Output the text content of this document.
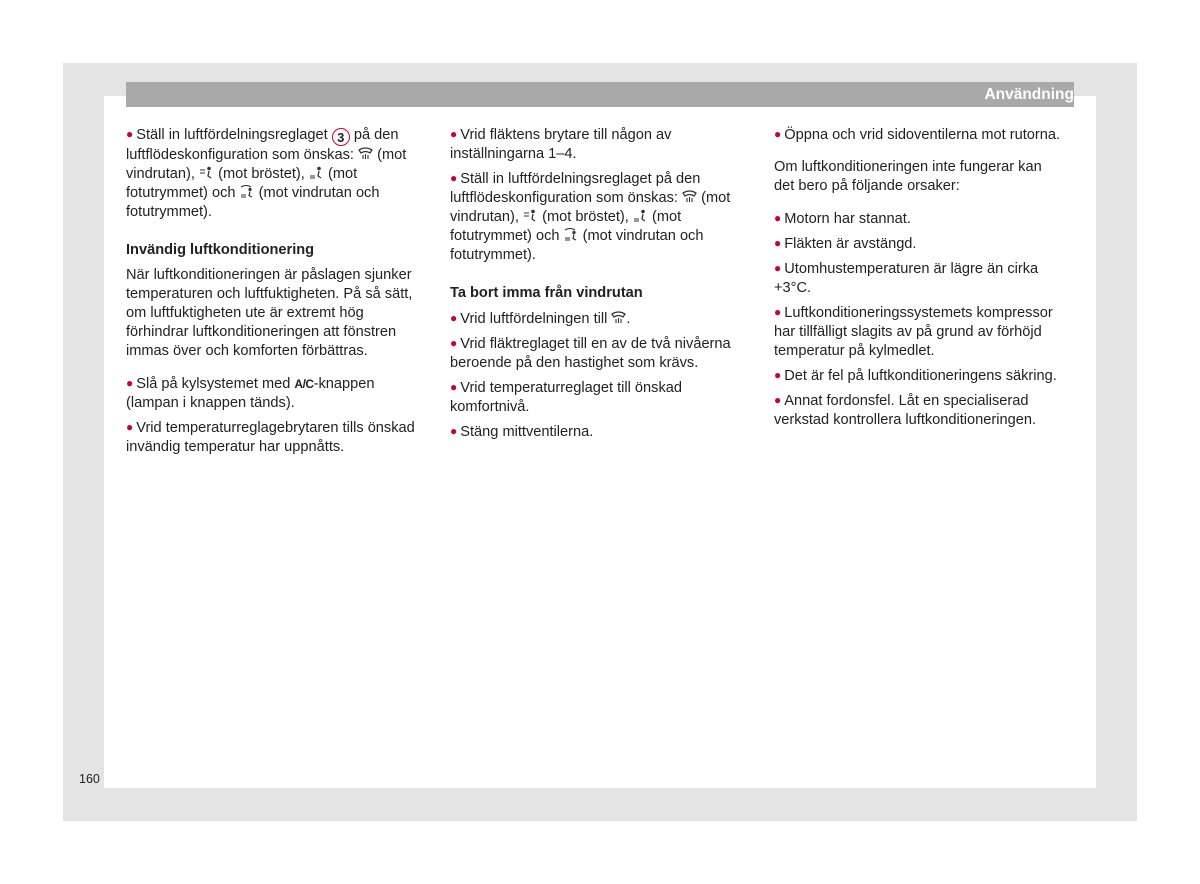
Användning

● Ställ in luftfördelningsreglaget 3 på den luftflödeskonfiguration som önskas: (mot vindrutan), (mot bröstet), (mot fotutrymmet) och (mot vindrutan och fotutrymmet).

Invändig luftkonditionering

När luftkonditioneringen är påslagen sjunker temperaturen och luftfuktigheten. På så sätt, om luftfuktigheten ute är extremt hög förhindrar luftkonditioneringen att fönstren immas över och komforten förbättras.

● Slå på kylsystemet med A/C-knappen (lampan i knappen tänds).

● Vrid temperaturreglagebrytaren tills önskad invändig temperatur har uppnåtts.

● Vrid fläktens brytare till någon av inställningarna 1–4.

● Ställ in luftfördelningsreglaget på den luftflödeskonfiguration som önskas: (mot vindrutan), (mot bröstet), (mot fotutrymmet) och (mot vindrutan och fotutrymmet).

Ta bort imma från vindrutan

● Vrid luftfördelningen till .

● Vrid fläktreglaget till en av de två nivåerna beroende på den hastighet som krävs.

● Vrid temperaturreglaget till önskad komfortnivå.

● Stäng mittventilerna.

● Öppna och vrid sidoventilerna mot rutorna.

Om luftkonditioneringen inte fungerar kan det bero på följande orsaker:

● Motorn har stannat.

● Fläkten är avstängd.

● Utomhustemperaturen är lägre än cirka +3°C.

● Luftkonditioneringssystemets kompressor har tillfälligt slagits av på grund av förhöjd temperatur på kylmedlet.

● Det är fel på luftkonditioneringens säkring.

● Annat fordonsfel. Låt en specialiserad verkstad kontrollera luftkonditioneringen.

160
